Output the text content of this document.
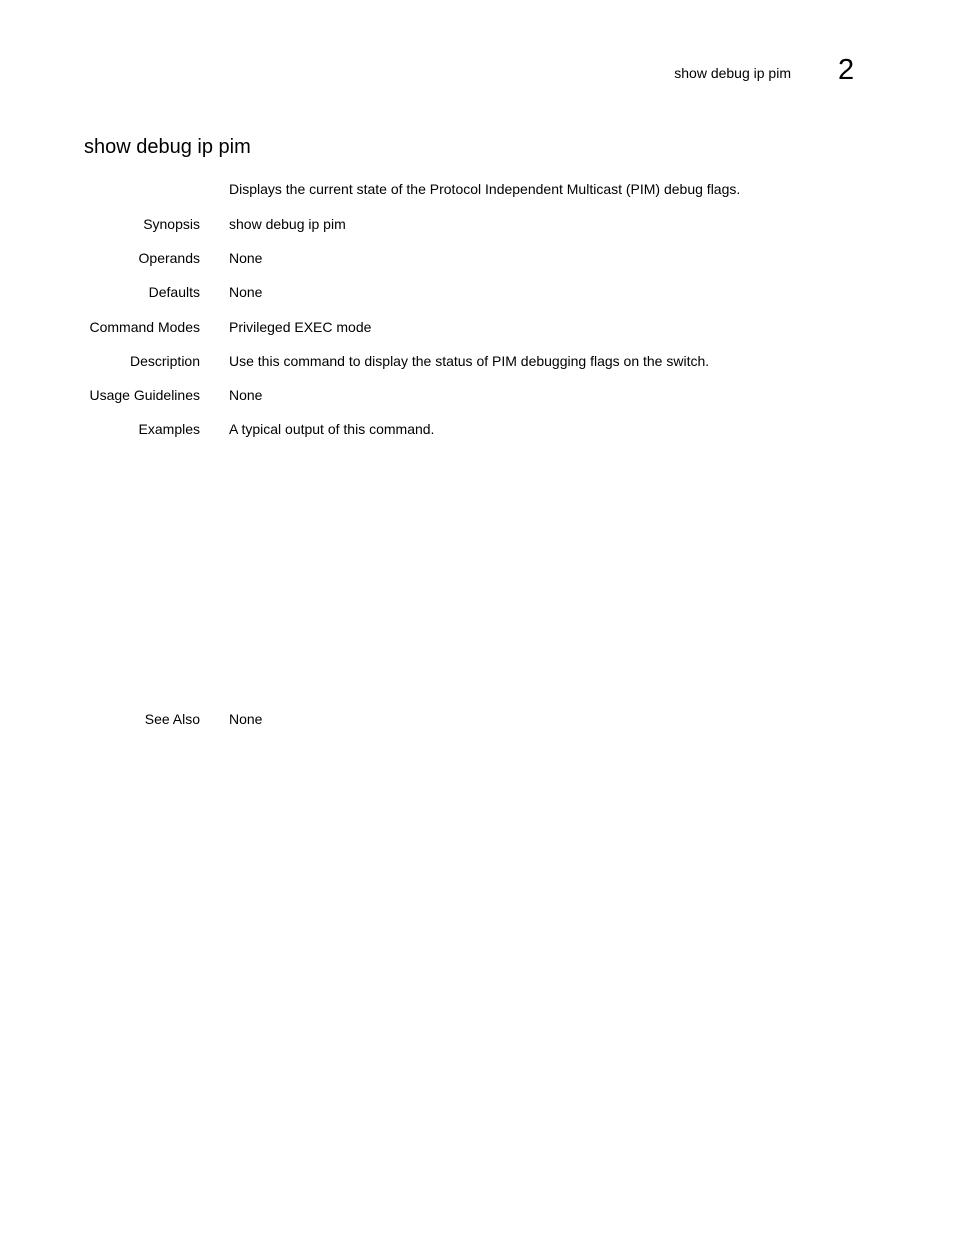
show debug ip pim 2
show debug ip pim
Displays the current state of the Protocol Independent Multicast (PIM) debug flags.
Synopsis show debug ip pim
Operands None
Defaults None
Command Modes Privileged EXEC mode
Description Use this command to display the status of PIM debugging flags on the switch.
Usage Guidelines None
Examples A typical output of this command.
See Also None
